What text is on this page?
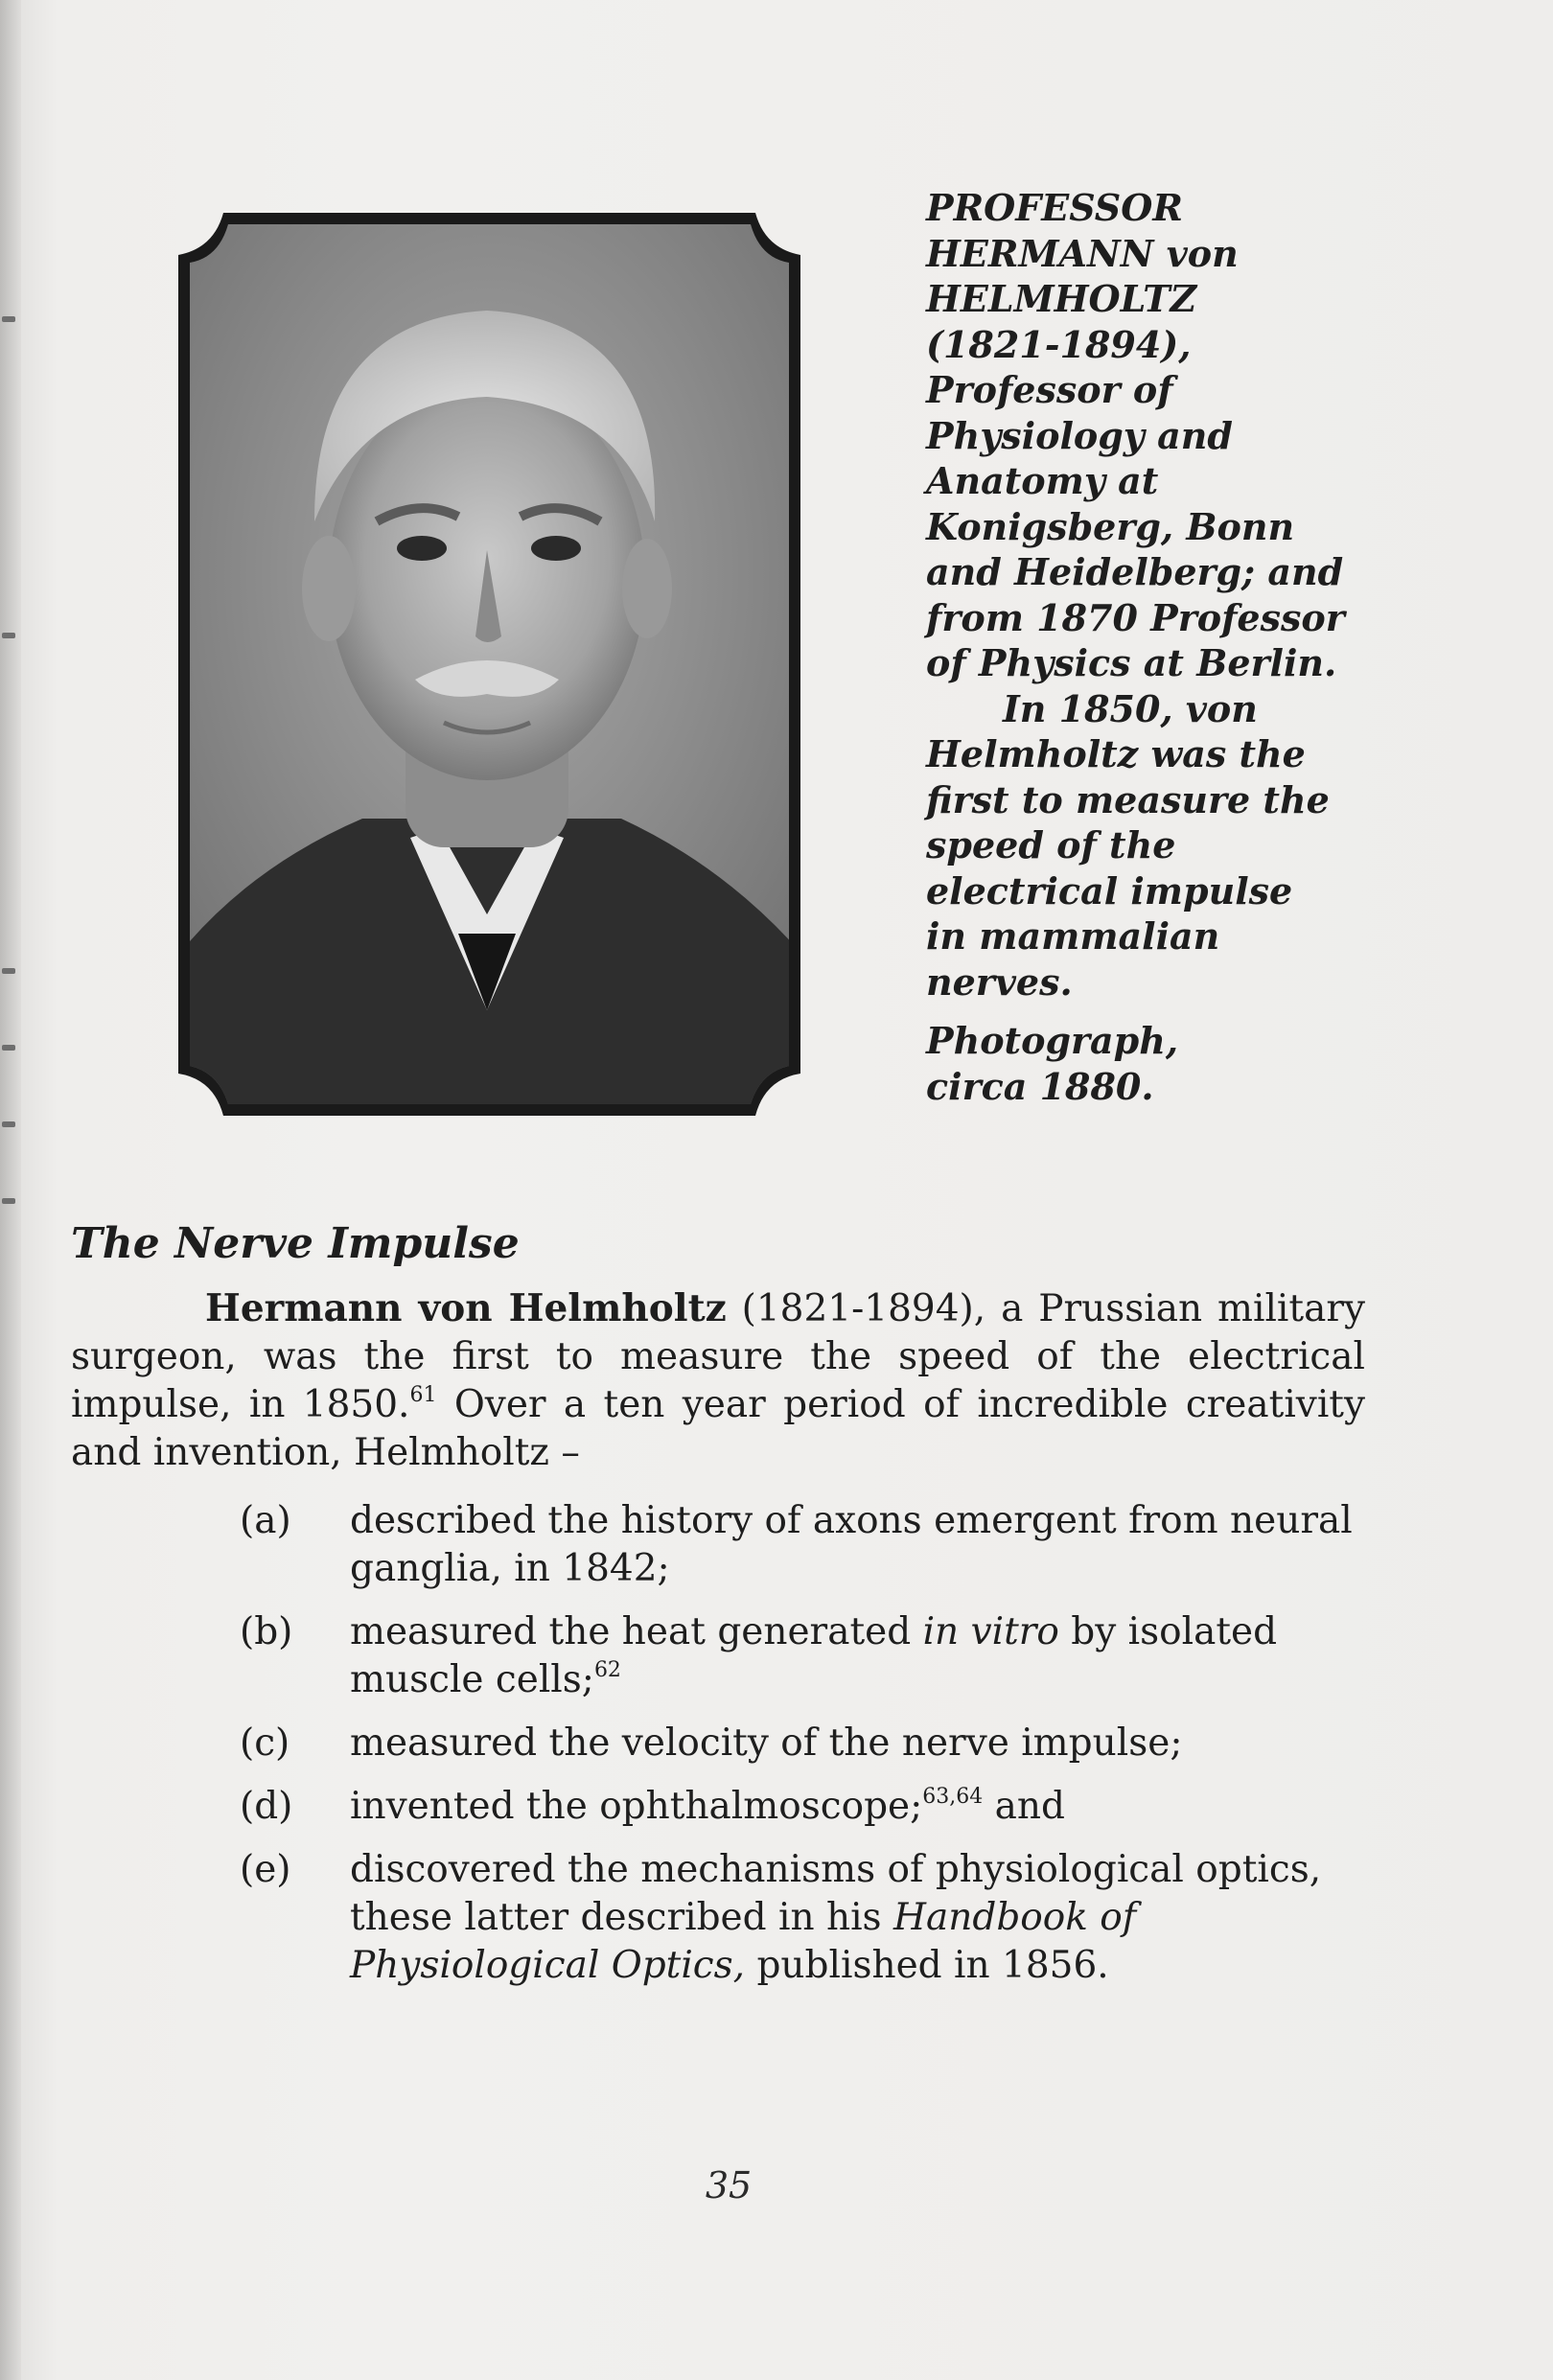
PROFESSOR
HERMANN von
HELMHOLTZ
(1821-1894),
Professor of
Physiology and
Anatomy at
Konigsberg, Bonn
and Heidelberg; and
from 1870 Professor
of Physics at Berlin.

In 1850, von
Helmholtz was the
first to measure the
speed of the
electrical impulse
in mammalian
nerves.

Photograph,
circa 1880.

The Nerve Impulse

Hermann von Helmholtz (1821-1894), a Prussian military surgeon, was the first to measure the speed of the electrical impulse, in 1850.61 Over a ten year period of incredible creativity and invention, Helmholtz –

(a) described the history of axons emergent from neural ganglia, in 1842;
(b) measured the heat generated in vitro by isolated muscle cells;$^{62}$
(c) measured the velocity of the nerve impulse;
(d) invented the ophthalmoscope;$^{63,64}$ and
(e) discovered the mechanisms of physiological optics, these latter described in his Handbook of Physiological Optics, published in 1856.
35
